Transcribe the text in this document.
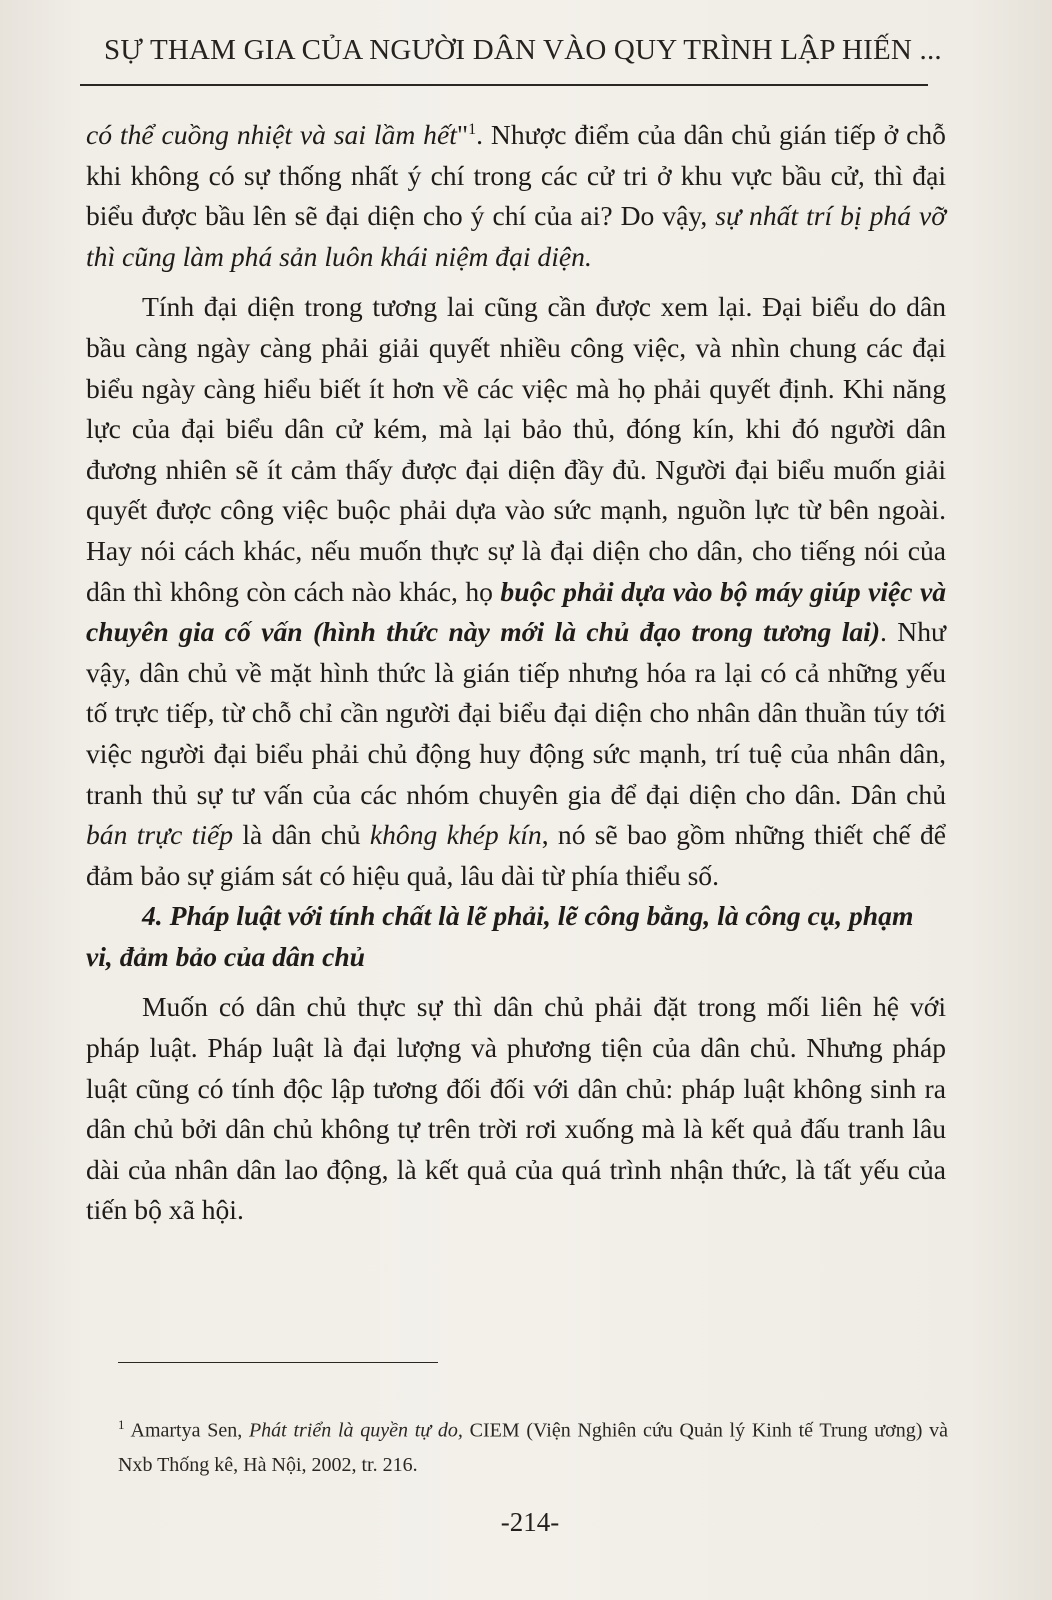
SỰ THAM GIA CỦA NGƯỜI DÂN VÀO QUY TRÌNH LẬP HIẾN ...

có thể cuồng nhiệt và sai lầm hết"$^1$. Nhược điểm của dân chủ gián tiếp ở chỗ khi không có sự thống nhất ý chí trong các cử tri ở khu vực bầu cử, thì đại biểu được bầu lên sẽ đại diện cho ý chí của ai? Do vậy, sự nhất trí bị phá vỡ thì cũng làm phá sản luôn khái niệm đại diện.

Tính đại diện trong tương lai cũng cần được xem lại. Đại biểu do dân bầu càng ngày càng phải giải quyết nhiều công việc, và nhìn chung các đại biểu ngày càng hiểu biết ít hơn về các việc mà họ phải quyết định. Khi năng lực của đại biểu dân cử kém, mà lại bảo thủ, đóng kín, khi đó người dân đương nhiên sẽ ít cảm thấy được đại diện đầy đủ. Người đại biểu muốn giải quyết được công việc buộc phải dựa vào sức mạnh, nguồn lực từ bên ngoài. Hay nói cách khác, nếu muốn thực sự là đại diện cho dân, cho tiếng nói của dân thì không còn cách nào khác, họ buộc phải dựa vào bộ máy giúp việc và chuyên gia cố vấn (hình thức này mới là chủ đạo trong tương lai). Như vậy, dân chủ về mặt hình thức là gián tiếp nhưng hóa ra lại có cả những yếu tố trực tiếp, từ chỗ chỉ cần người đại biểu đại diện cho nhân dân thuần túy tới việc người đại biểu phải chủ động huy động sức mạnh, trí tuệ của nhân dân, tranh thủ sự tư vấn của các nhóm chuyên gia để đại diện cho dân. Dân chủ bán trực tiếp là dân chủ không khép kín, nó sẽ bao gồm những thiết chế để đảm bảo sự giám sát có hiệu quả, lâu dài từ phía thiểu số.

4. Pháp luật với tính chất là lẽ phải, lẽ công bằng, là công cụ, phạm vi, đảm bảo của dân chủ

Muốn có dân chủ thực sự thì dân chủ phải đặt trong mối liên hệ với pháp luật. Pháp luật là đại lượng và phương tiện của dân chủ. Nhưng pháp luật cũng có tính độc lập tương đối đối với dân chủ: pháp luật không sinh ra dân chủ bởi dân chủ không tự trên trời rơi xuống mà là kết quả đấu tranh lâu dài của nhân dân lao động, là kết quả của quá trình nhận thức, là tất yếu của tiến bộ xã hội.

$^1$ Amartya Sen, Phát triển là quyền tự do, CIEM (Viện Nghiên cứu Quản lý Kinh tế Trung ương) và Nxb Thống kê, Hà Nội, 2002, tr. 216.
-214-
